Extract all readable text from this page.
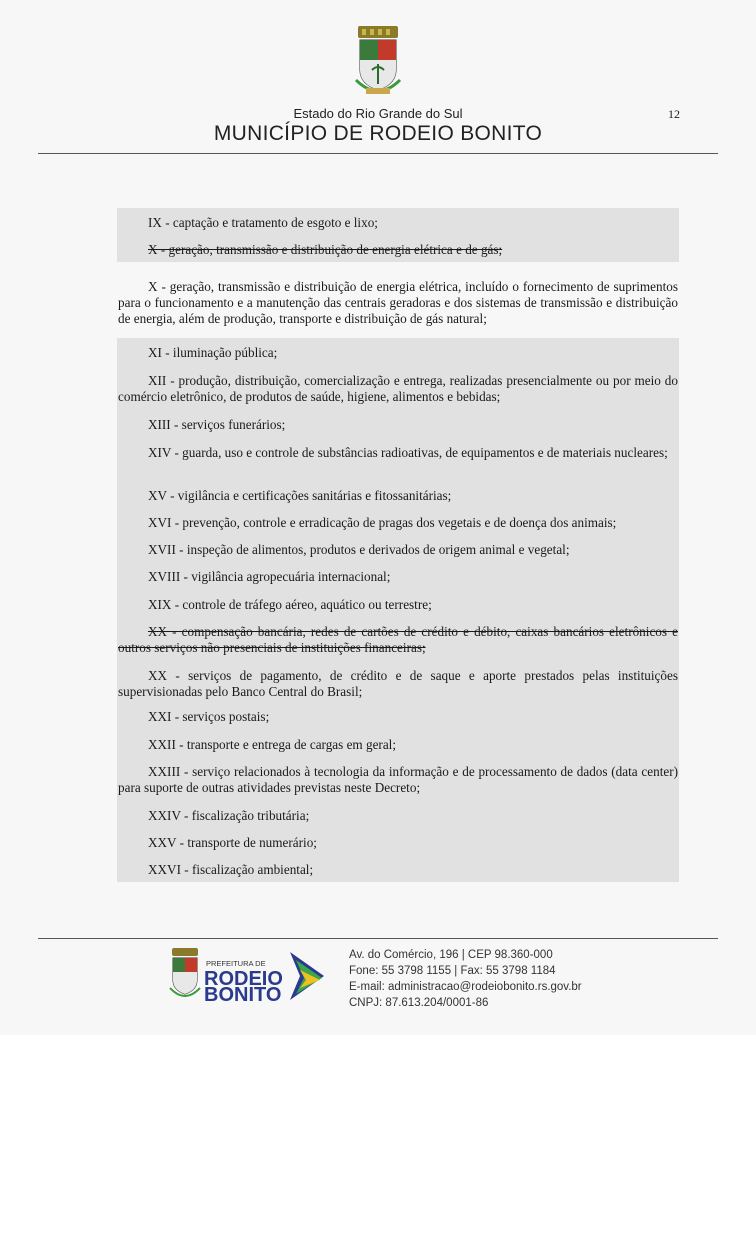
Estado do Rio Grande do Sul
MUNICÍPIO DE RODEIO BONITO
12
IX - captação e tratamento de esgoto e lixo;
X - geração, transmissão e distribuição de energia elétrica e de gás;
X - geração, transmissão e distribuição de energia elétrica, incluído o fornecimento de suprimentos para o funcionamento e a manutenção das centrais geradoras e dos sistemas de transmissão e distribuição de energia, além de produção, transporte e distribuição de gás natural;
XI - iluminação pública;
XII - produção, distribuição, comercialização e entrega, realizadas presencialmente ou por meio do comércio eletrônico, de produtos de saúde, higiene, alimentos e bebidas;
XIII - serviços funerários;
XIV - guarda, uso e controle de substâncias radioativas, de equipamentos e de materiais nucleares;
XV - vigilância e certificações sanitárias e fitossanitárias;
XVI - prevenção, controle e erradicação de pragas dos vegetais e de doença dos animais;
XVII - inspeção de alimentos, produtos e derivados de origem animal e vegetal;
XVIII - vigilância agropecuária internacional;
XIX - controle de tráfego aéreo, aquático ou terrestre;
XX - compensação bancária, redes de cartões de crédito e débito, caixas bancários eletrônicos e outros serviços não presenciais de instituições financeiras;
XX - serviços de pagamento, de crédito e de saque e aporte prestados pelas instituições supervisionadas pelo Banco Central do Brasil;
XXI - serviços postais;
XXII - transporte e entrega de cargas em geral;
XXIII - serviço relacionados à tecnologia da informação e de processamento de dados (data center) para suporte de outras atividades previstas neste Decreto;
XXIV - fiscalização tributária;
XXV - transporte de numerário;
XXVI - fiscalização ambiental;
PREFEITURA DE
RODEIO
BONITO
Av. do Comércio, 196 | CEP 98.360-000
Fone: 55 3798 1155 | Fax: 55 3798 1184
E-mail: administracao@rodeiobonito.rs.gov.br
CNPJ: 87.613.204/0001-86
